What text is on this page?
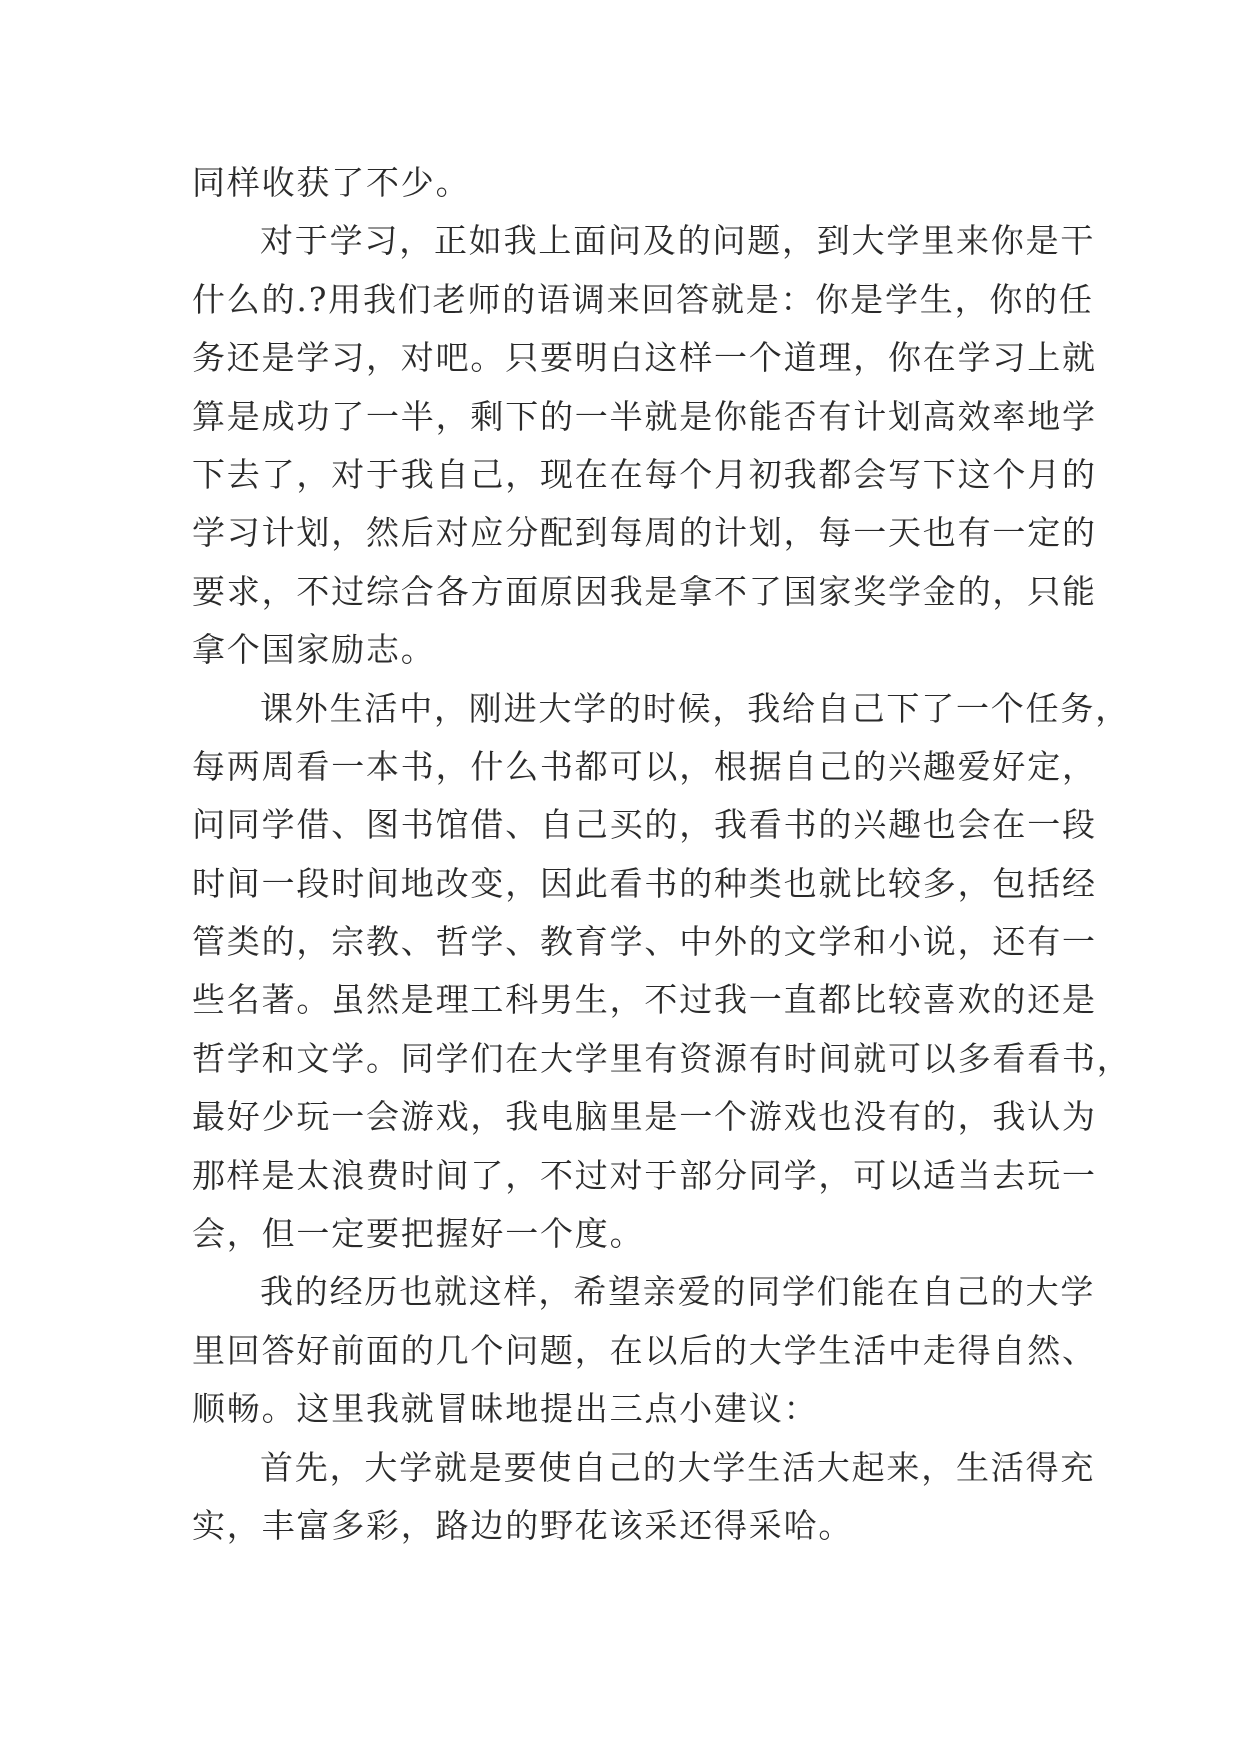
同样收获了不少。
对于学习，正如我上面问及的问题，到大学里来你是干
什么的.?用我们老师的语调来回答就是：你是学生，你的任
务还是学习，对吧。只要明白这样一个道理，你在学习上就
算是成功了一半，剩下的一半就是你能否有计划高效率地学
下去了，对于我自己，现在在每个月初我都会写下这个月的
学习计划，然后对应分配到每周的计划，每一天也有一定的
要求，不过综合各方面原因我是拿不了国家奖学金的，只能
拿个国家励志。
课外生活中，刚进大学的时候，我给自己下了一个任务，
每两周看一本书，什么书都可以，根据自己的兴趣爱好定，
问同学借、图书馆借、自己买的，我看书的兴趣也会在一段
时间一段时间地改变，因此看书的种类也就比较多，包括经
管类的，宗教、哲学、教育学、中外的文学和小说，还有一
些名著。虽然是理工科男生，不过我一直都比较喜欢的还是
哲学和文学。同学们在大学里有资源有时间就可以多看看书，
最好少玩一会游戏，我电脑里是一个游戏也没有的，我认为
那样是太浪费时间了，不过对于部分同学，可以适当去玩一
会，但一定要把握好一个度。
我的经历也就这样，希望亲爱的同学们能在自己的大学
里回答好前面的几个问题，在以后的大学生活中走得自然、
顺畅。这里我就冒昧地提出三点小建议：
首先，大学就是要使自己的大学生活大起来，生活得充
实，丰富多彩，路边的野花该采还得采哈。
